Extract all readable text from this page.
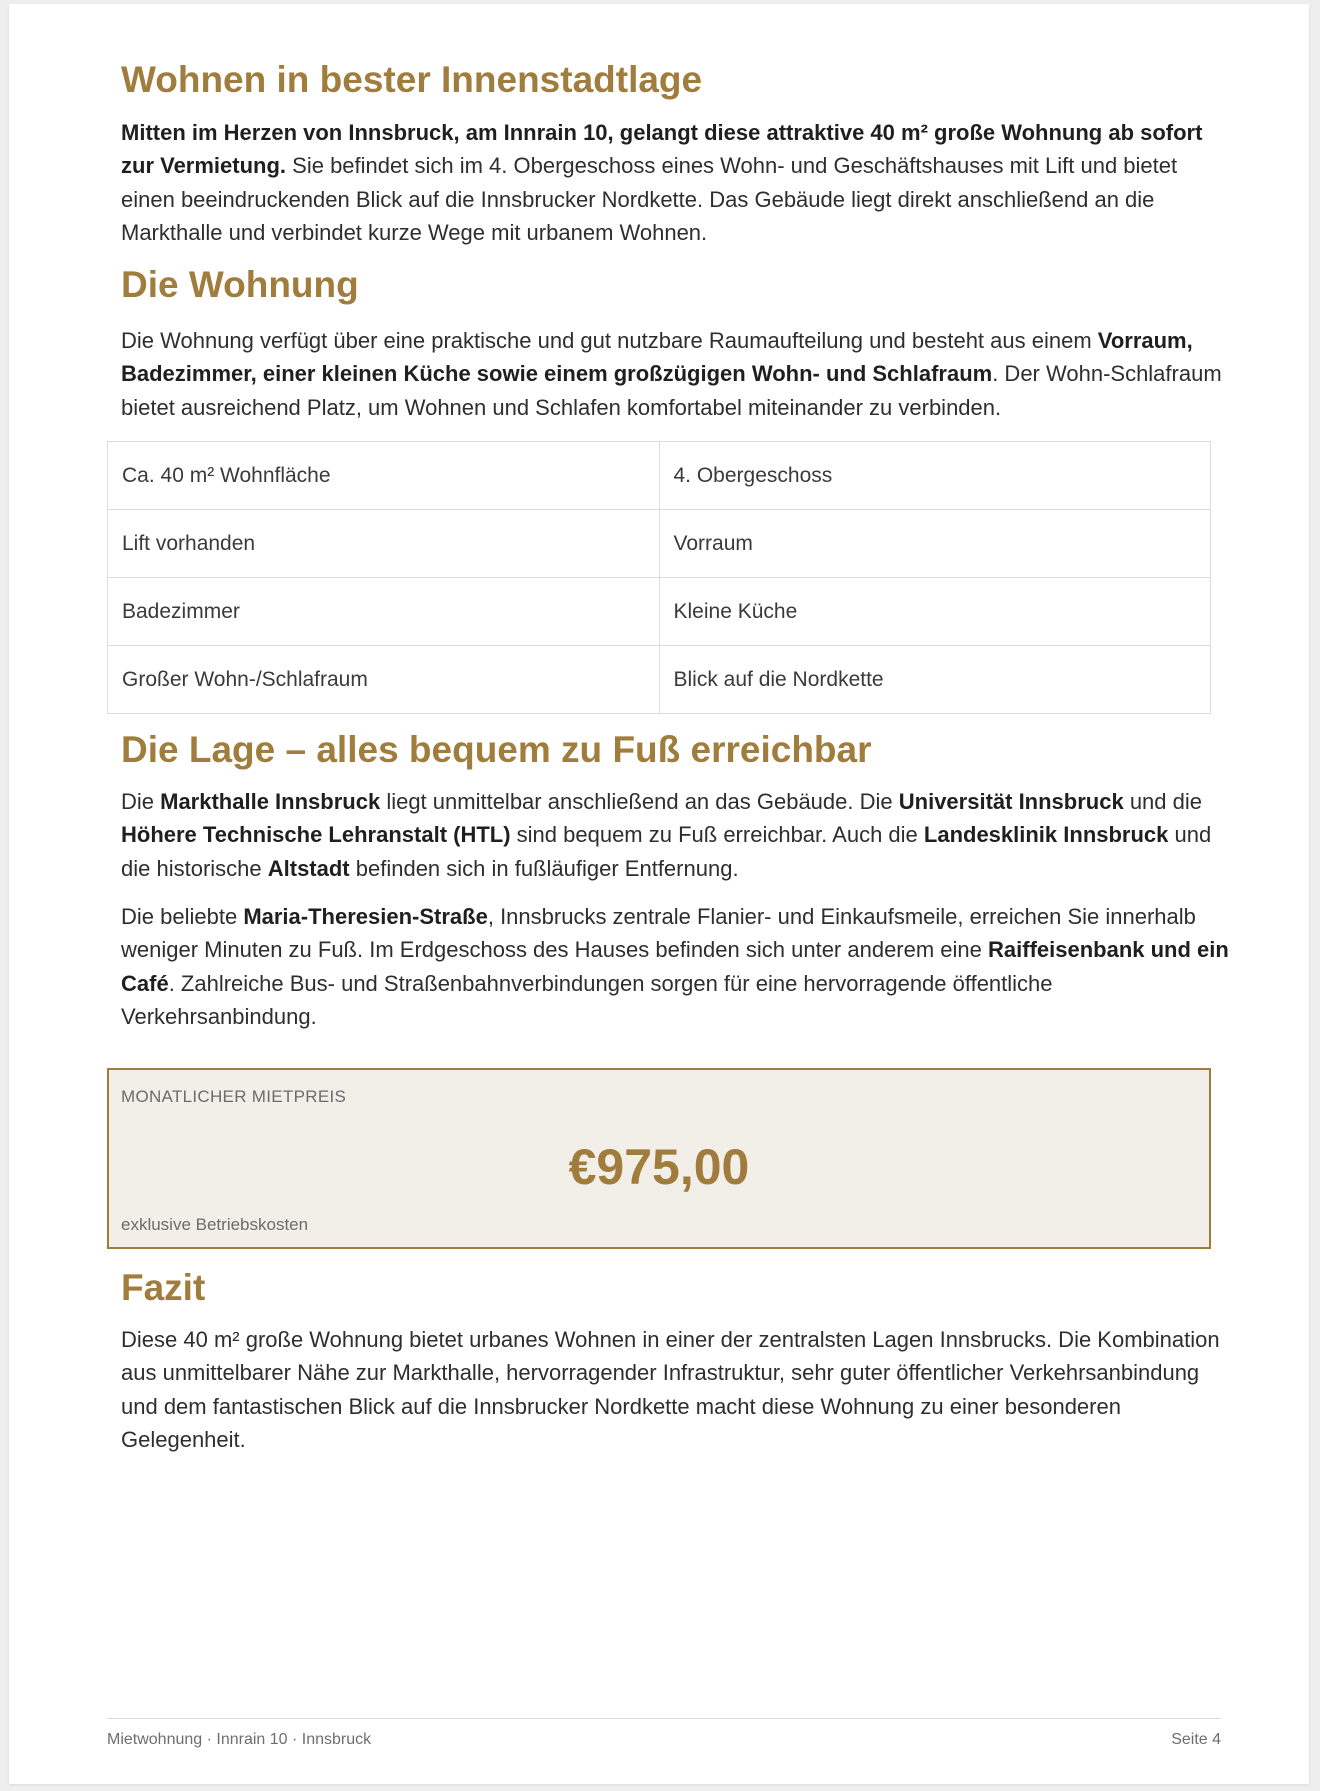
Wohnen in bester Innenstadtlage

Mitten im Herzen von Innsbruck, am Innrain 10, gelangt diese attraktive 40 m² große Wohnung ab sofort zur Vermietung. Sie befindet sich im 4. Obergeschoss eines Wohn- und Geschäftshauses mit Lift und bietet einen beeindruckenden Blick auf die Innsbrucker Nordkette. Das Gebäude liegt direkt anschließend an die Markthalle und verbindet kurze Wege mit urbanem Wohnen.

Die Wohnung

Die Wohnung verfügt über eine praktische und gut nutzbare Raumaufteilung und besteht aus einem Vorraum, Badezimmer, einer kleinen Küche sowie einem großzügigen Wohn- und Schlafraum. Der Wohn-Schlafraum bietet ausreichend Platz, um Wohnen und Schlafen komfortabel miteinander zu verbinden.

Ca. 40 m² Wohnfläche	4. Obergeschoss
Lift vorhanden	Vorraum
Badezimmer	Kleine Küche
Großer Wohn-/Schlafraum	Blick auf die Nordkette
Die Lage – alles bequem zu Fuß erreichbar

Die Markthalle Innsbruck liegt unmittelbar anschließend an das Gebäude. Die Universität Innsbruck und die Höhere Technische Lehranstalt (HTL) sind bequem zu Fuß erreichbar. Auch die Landesklinik Innsbruck und die historische Altstadt befinden sich in fußläufiger Entfernung.

Die beliebte Maria-Theresien-Straße, Innsbrucks zentrale Flanier- und Einkaufsmeile, erreichen Sie innerhalb weniger Minuten zu Fuß. Im Erdgeschoss des Hauses befinden sich unter anderem eine Raiffeisenbank und ein Café. Zahlreiche Bus- und Straßenbahnverbindungen sorgen für eine hervorragende öffentliche Verkehrsanbindung.

MONATLICHER MIETPREIS
€975,00
exklusive Betriebskosten
Fazit

Diese 40 m² große Wohnung bietet urbanes Wohnen in einer der zentralsten Lagen Innsbrucks. Die Kombination aus unmittelbarer Nähe zur Markthalle, hervorragender Infrastruktur, sehr guter öffentlicher Verkehrsanbindung und dem fantastischen Blick auf die Innsbrucker Nordkette macht diese Wohnung zu einer besonderen Gelegenheit.

Mietwohnung · Innrain 10 · Innsbruck	Seite 4
